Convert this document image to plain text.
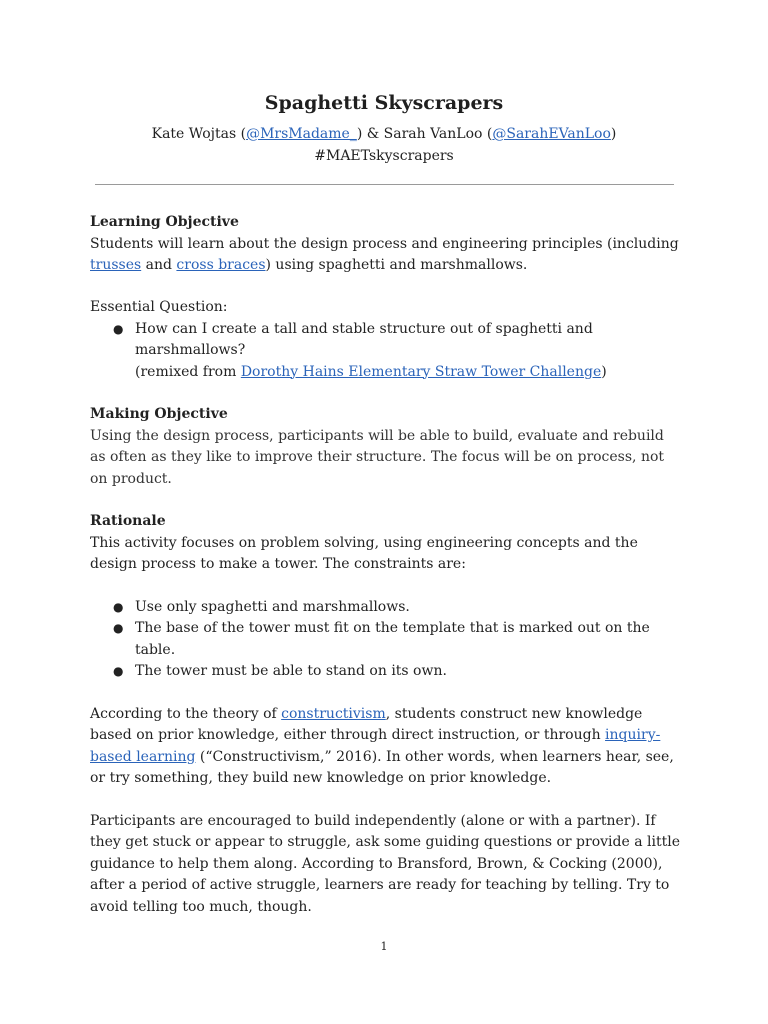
Spaghetti Skyscrapers
Kate Wojtas (@MrsMadame_) & Sarah VanLoo (@SarahEVanLoo)
#MAETskyscrapers

Learning Objective

Students will learn about the design process and engineering principles (including trusses and cross braces) using spaghetti and marshmallows.

Essential Question:

● How can I create a tall and stable structure out of spaghetti and marshmallows?
(remixed from Dorothy Hains Elementary Straw Tower Challenge)

Making Objective

Using the design process, participants will be able to build, evaluate and rebuild as often as they like to improve their structure. The focus will be on process, not on product.

Rationale

This activity focuses on problem solving, using engineering concepts and the design process to make a tower. The constraints are:

● Use only spaghetti and marshmallows.
● The base of the tower must fit on the template that is marked out on the table.
● The tower must be able to stand on its own.

According to the theory of constructivism, students construct new knowledge based on prior knowledge, either through direct instruction, or through inquiry-based learning (“Constructivism,” 2016). In other words, when learners hear, see, or try something, they build new knowledge on prior knowledge.

Participants are encouraged to build independently (alone or with a partner). If they get stuck or appear to struggle, ask some guiding questions or provide a little guidance to help them along. According to Bransford, Brown, & Cocking (2000), after a period of active struggle, learners are ready for teaching by telling. Try to avoid telling too much, though.

1
